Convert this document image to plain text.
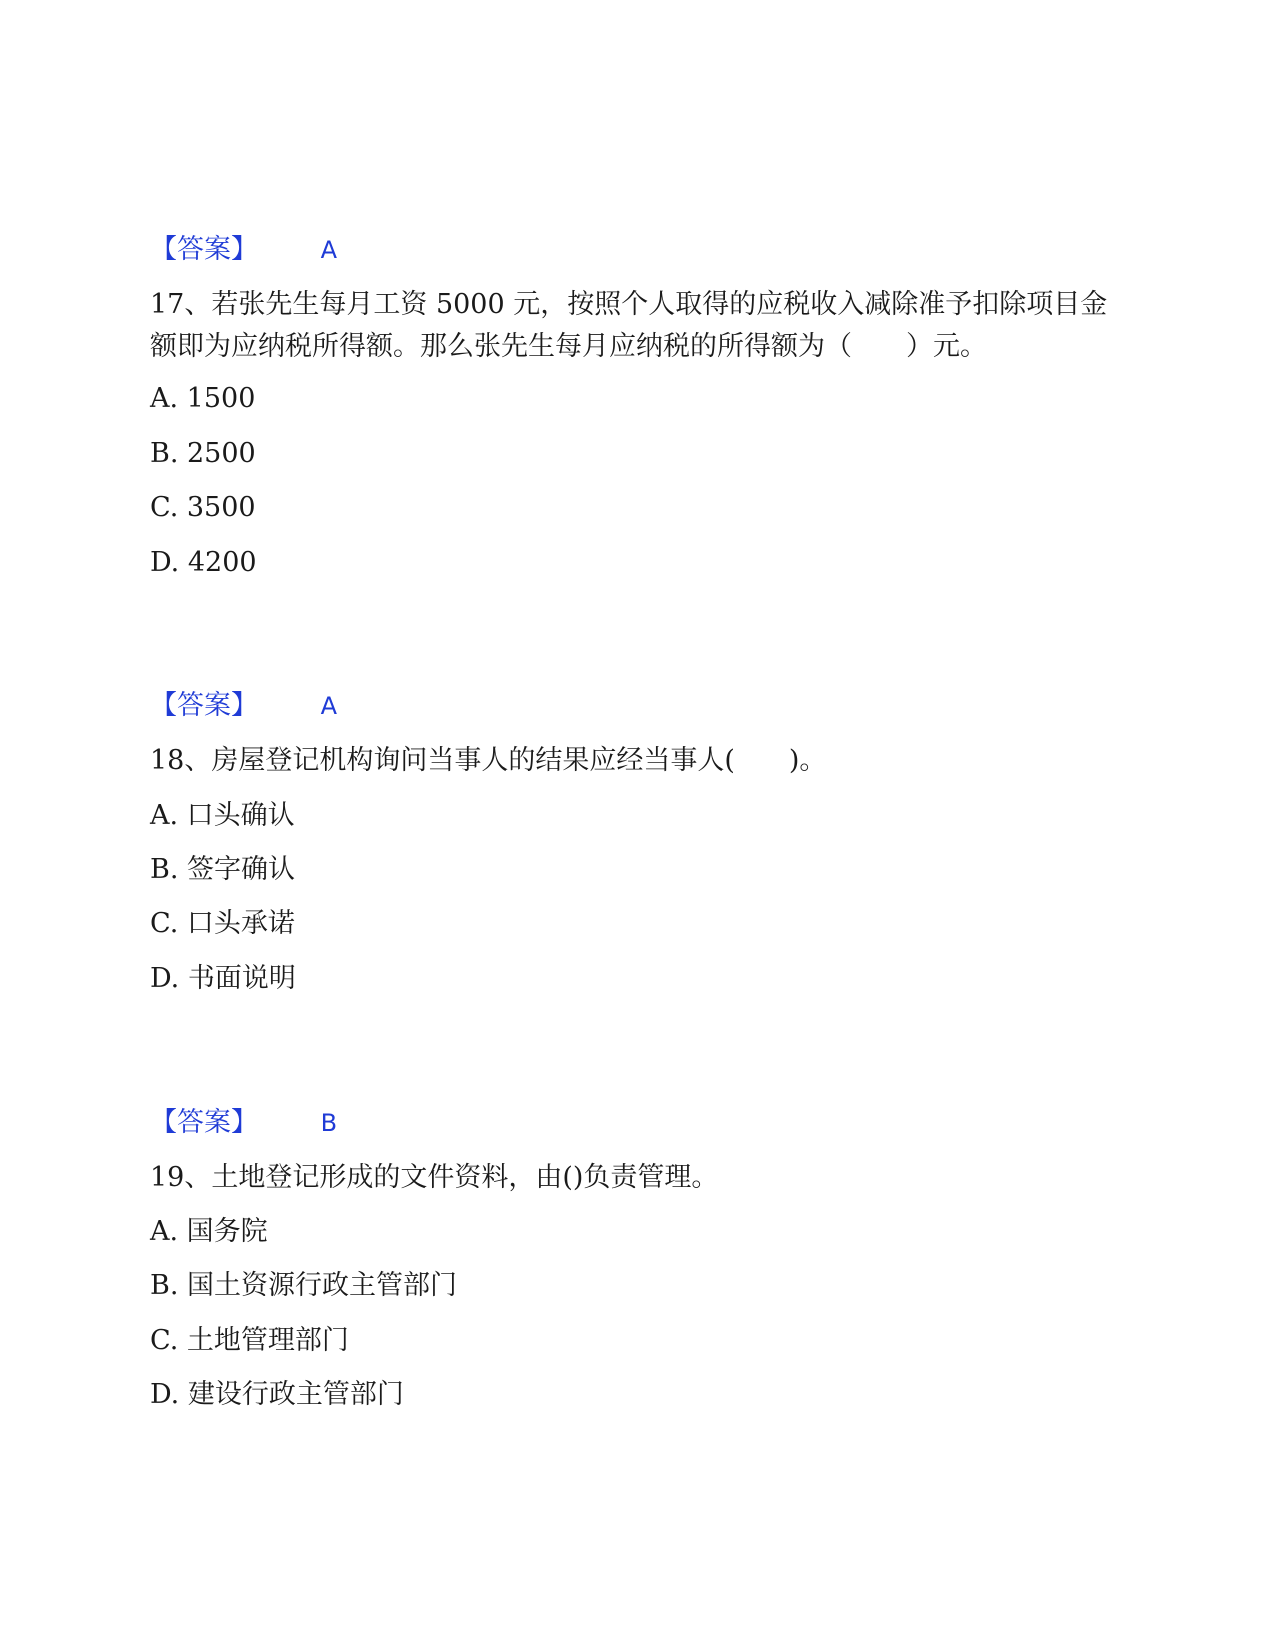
【答案】	A
17、若张先生每月工资 5000 元，按照个人取得的应税收入减除准予扣除项目金额即为应纳税所得额。那么张先生每月应纳税的所得额为（　　）元。
A. 1500
B. 2500
C. 3500
D. 4200
【答案】	A
18、房屋登记机构询问当事人的结果应经当事人(　　)。
A. 口头确认
B. 签字确认
C. 口头承诺
D. 书面说明
【答案】	B
19、土地登记形成的文件资料，由()负责管理。
A. 国务院
B. 国土资源行政主管部门
C. 土地管理部门
D. 建设行政主管部门
